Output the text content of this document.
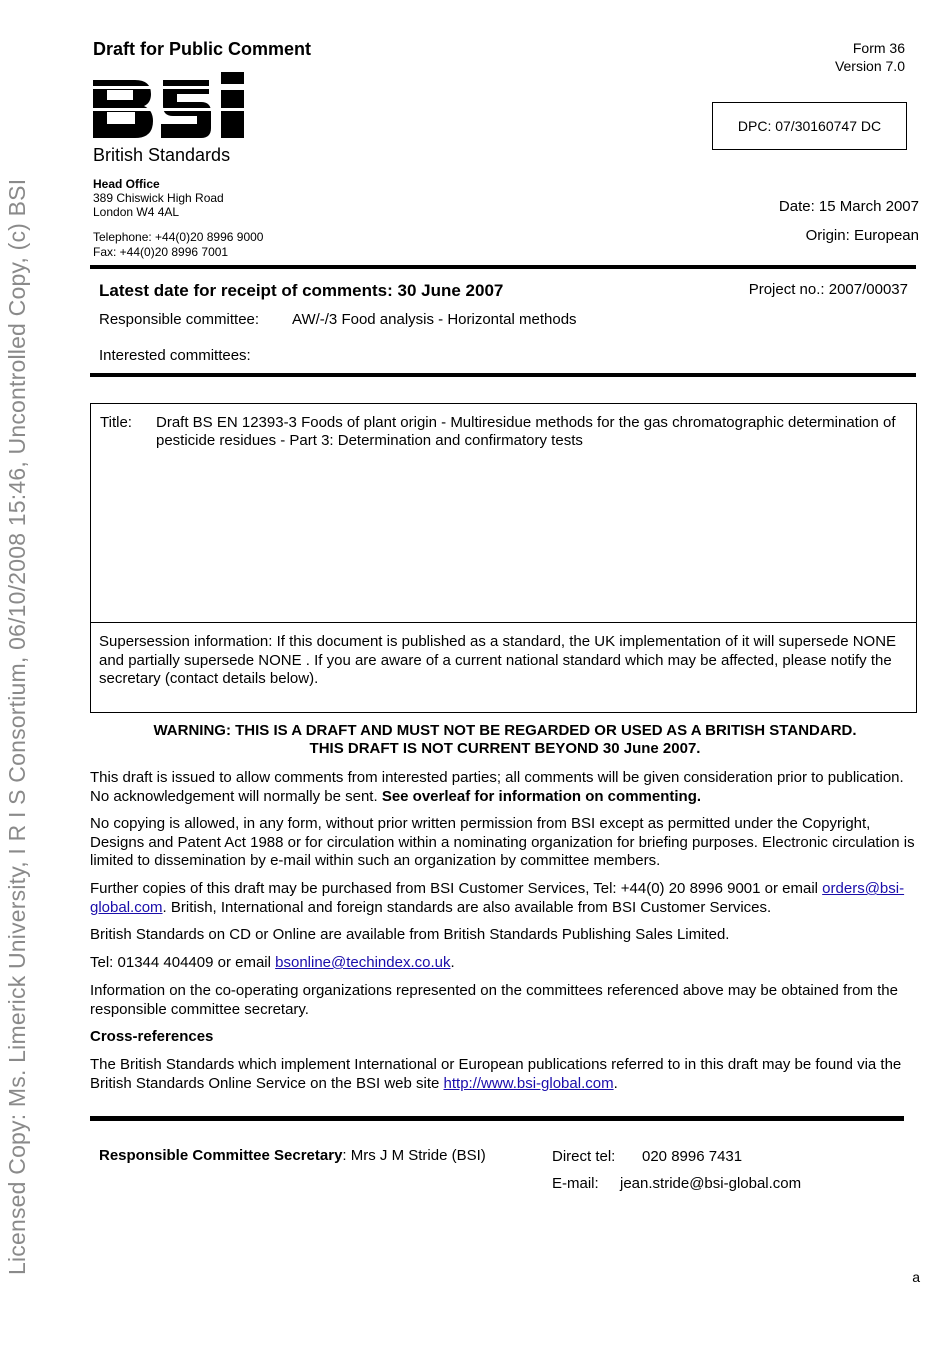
Licensed Copy: Ms. Limerick University, I R I S Consortium, 06/10/2008 15:46, Uncontrolled Copy, (c) BSI
Draft for Public Comment	Form 36
Version 7.0
British Standards
Head Office
389 Chiswick High Road
London W4 4AL
Telephone: +44(0)20 8996 9000
Fax: +44(0)20 8996 7001
DPC: 07/30160747 DC
Date: 15 March 2007
Origin: European
Latest date for receipt of comments: 30 June 2007	Project no.: 2007/00037
Responsible committee: AW/-/3 Food analysis - Horizontal methods
Interested committees:
Title: Draft BS EN 12393-3 Foods of plant origin - Multiresidue methods for the gas chromatographic determination of pesticide residues - Part 3: Determination and confirmatory tests
Supersession information: If this document is published as a standard, the UK implementation of it will supersede NONE and partially supersede NONE . If you are aware of a current national standard which may be affected, please notify the secretary (contact details below).
WARNING: THIS IS A DRAFT AND MUST NOT BE REGARDED OR USED AS A BRITISH STANDARD.
THIS DRAFT IS NOT CURRENT BEYOND 30 June 2007.
This draft is issued to allow comments from interested parties; all comments will be given consideration prior to publication. No acknowledgement will normally be sent. See overleaf for information on commenting.
No copying is allowed, in any form, without prior written permission from BSI except as permitted under the Copyright, Designs and Patent Act 1988 or for circulation within a nominating organization for briefing purposes. Electronic circulation is limited to dissemination by e-mail within such an organization by committee members.
Further copies of this draft may be purchased from BSI Customer Services, Tel: +44(0) 20 8996 9001 or email orders@bsi-global.com. British, International and foreign standards are also available from BSI Customer Services.
British Standards on CD or Online are available from British Standards Publishing Sales Limited.
Tel: 01344 404409 or email bsonline@techindex.co.uk.
Information on the co-operating organizations represented on the committees referenced above may be obtained from the responsible committee secretary.
Cross-references
The British Standards which implement International or European publications referred to in this draft may be found via the British Standards Online Service on the BSI web site http://www.bsi-global.com.
Responsible Committee Secretary: Mrs J M Stride (BSI)	Direct tel: 020 8996 7431
E-mail: jean.stride@bsi-global.com
a
